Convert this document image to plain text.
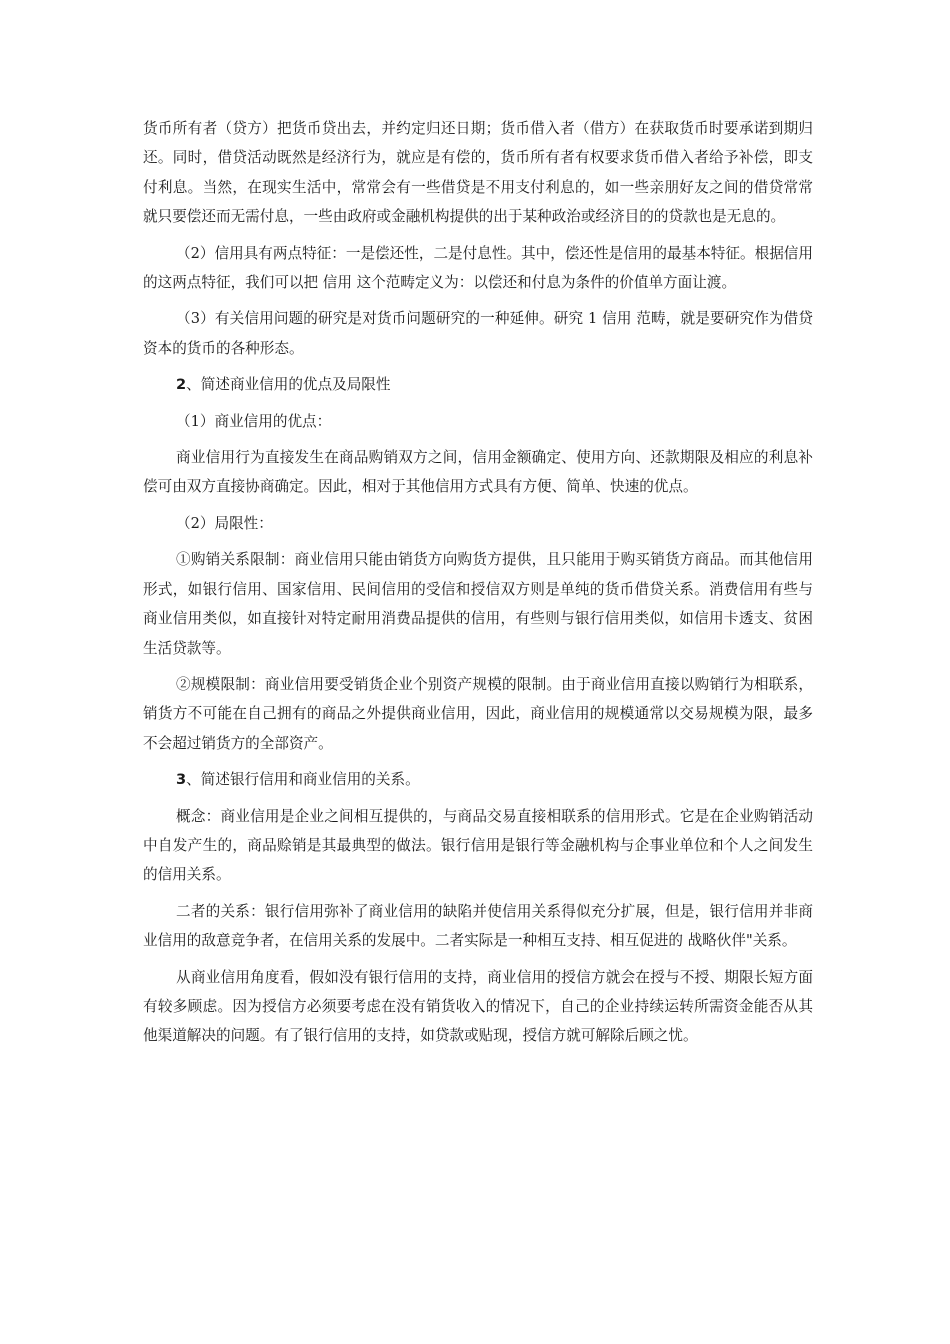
货币所有者（贷方）把货币贷出去，并约定归还日期；货币借入者（借方）在获取货币时要承诺到期归还。同时，借贷活动既然是经济行为，就应是有偿的，货币所有者有权要求货币借入者给予补偿，即支付利息。当然，在现实生活中，常常会有一些借贷是不用支付利息的，如一些亲朋好友之间的借贷常常就只要偿还而无需付息，一些由政府或金融机构提供的出于某种政治或经济目的的贷款也是无息的。

（2）信用具有两点特征：一是偿还性，二是付息性。其中，偿还性是信用的最基本特征。根据信用的这两点特征，我们可以把 信用 这个范畴定义为：以偿还和付息为条件的价值单方面让渡。

（3）有关信用问题的研究是对货币问题研究的一种延伸。研究 1 信用 范畴，就是要研究作为借贷资本的货币的各种形态。

2、简述商业信用的优点及局限性

（1）商业信用的优点：

商业信用行为直接发生在商品购销双方之间，信用金额确定、使用方向、还款期限及相应的利息补偿可由双方直接协商确定。因此，相对于其他信用方式具有方便、简单、快速的优点。

（2）局限性：

①购销关系限制：商业信用只能由销货方向购货方提供，且只能用于购买销货方商品。而其他信用形式，如银行信用、国家信用、民间信用的受信和授信双方则是单纯的货币借贷关系。消费信用有些与商业信用类似，如直接针对特定耐用消费品提供的信用，有些则与银行信用类似，如信用卡透支、贫困生活贷款等。

②规模限制：商业信用要受销货企业个别资产规模的限制。由于商业信用直接以购销行为相联系，销货方不可能在自己拥有的商品之外提供商业信用，因此，商业信用的规模通常以交易规模为限，最多不会超过销货方的全部资产。

3、简述银行信用和商业信用的关系。

概念：商业信用是企业之间相互提供的，与商品交易直接相联系的信用形式。它是在企业购销活动中自发产生的，商品赊销是其最典型的做法。银行信用是银行等金融机构与企事业单位和个人之间发生的信用关系。

二者的关系：银行信用弥补了商业信用的缺陷并使信用关系得似充分扩展，但是，银行信用并非商业信用的敌意竞争者，在信用关系的发展中。二者实际是一种相互支持、相互促进的 战略伙伴"关系。

从商业信用角度看，假如没有银行信用的支持，商业信用的授信方就会在授与不授、期限长短方面有较多顾虑。因为授信方必须要考虑在没有销货收入的情况下，自己的企业持续运转所需资金能否从其他渠道解决的问题。有了银行信用的支持，如贷款或贴现，授信方就可解除后顾之忧。
